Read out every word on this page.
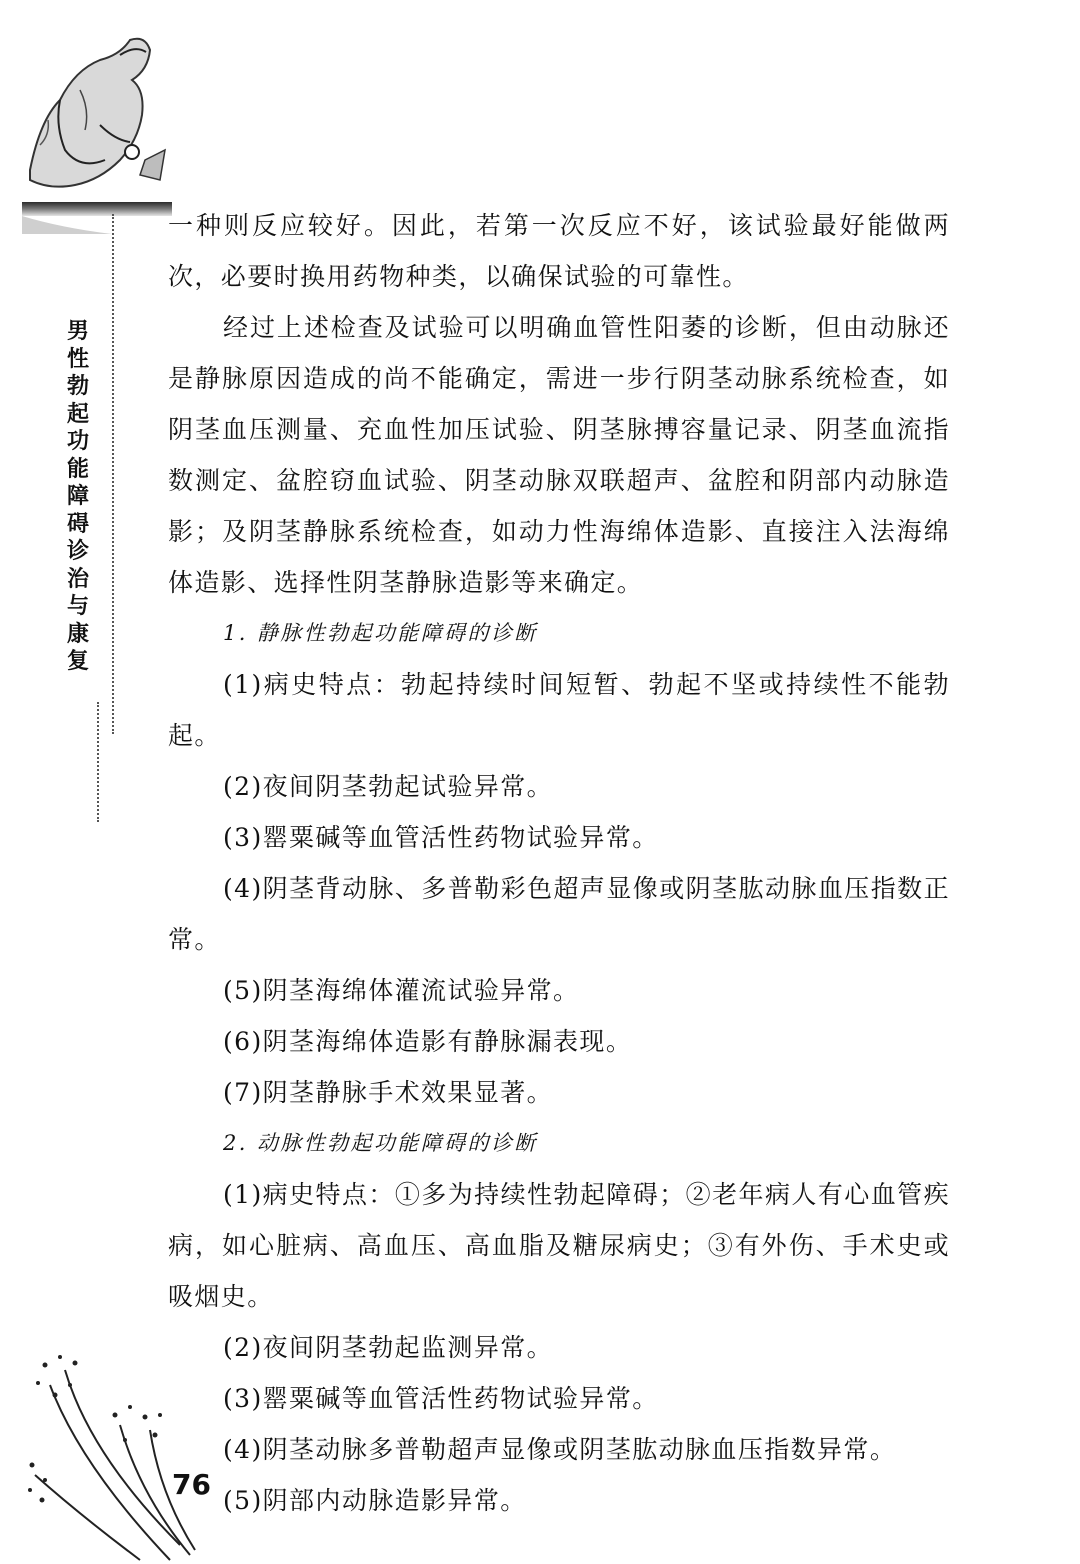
男性勃起功能障碍诊治与康复

一种则反应较好。因此，若第一次反应不好，该试验最好能做两次，必要时换用药物种类，以确保试验的可靠性。

经过上述检查及试验可以明确血管性阳萎的诊断，但由动脉还是静脉原因造成的尚不能确定，需进一步行阴茎动脉系统检查，如阴茎血压测量、充血性加压试验、阴茎脉搏容量记录、阴茎血流指数测定、盆腔窃血试验、阴茎动脉双联超声、盆腔和阴部内动脉造影；及阴茎静脉系统检查，如动力性海绵体造影、直接注入法海绵体造影、选择性阴茎静脉造影等来确定。

1. 静脉性勃起功能障碍的诊断

(1)病史特点：勃起持续时间短暂、勃起不坚或持续性不能勃起。

(2)夜间阴茎勃起试验异常。

(3)罂粟碱等血管活性药物试验异常。

(4)阴茎背动脉、多普勒彩色超声显像或阴茎肱动脉血压指数正常。

(5)阴茎海绵体灌流试验异常。

(6)阴茎海绵体造影有静脉漏表现。

(7)阴茎静脉手术效果显著。

2. 动脉性勃起功能障碍的诊断

(1)病史特点：①多为持续性勃起障碍；②老年病人有心血管疾病，如心脏病、高血压、高血脂及糖尿病史；③有外伤、手术史或吸烟史。

(2)夜间阴茎勃起监测异常。

(3)罂粟碱等血管活性药物试验异常。

(4)阴茎动脉多普勒超声显像或阴茎肱动脉血压指数异常。

(5)阴部内动脉造影异常。

76
